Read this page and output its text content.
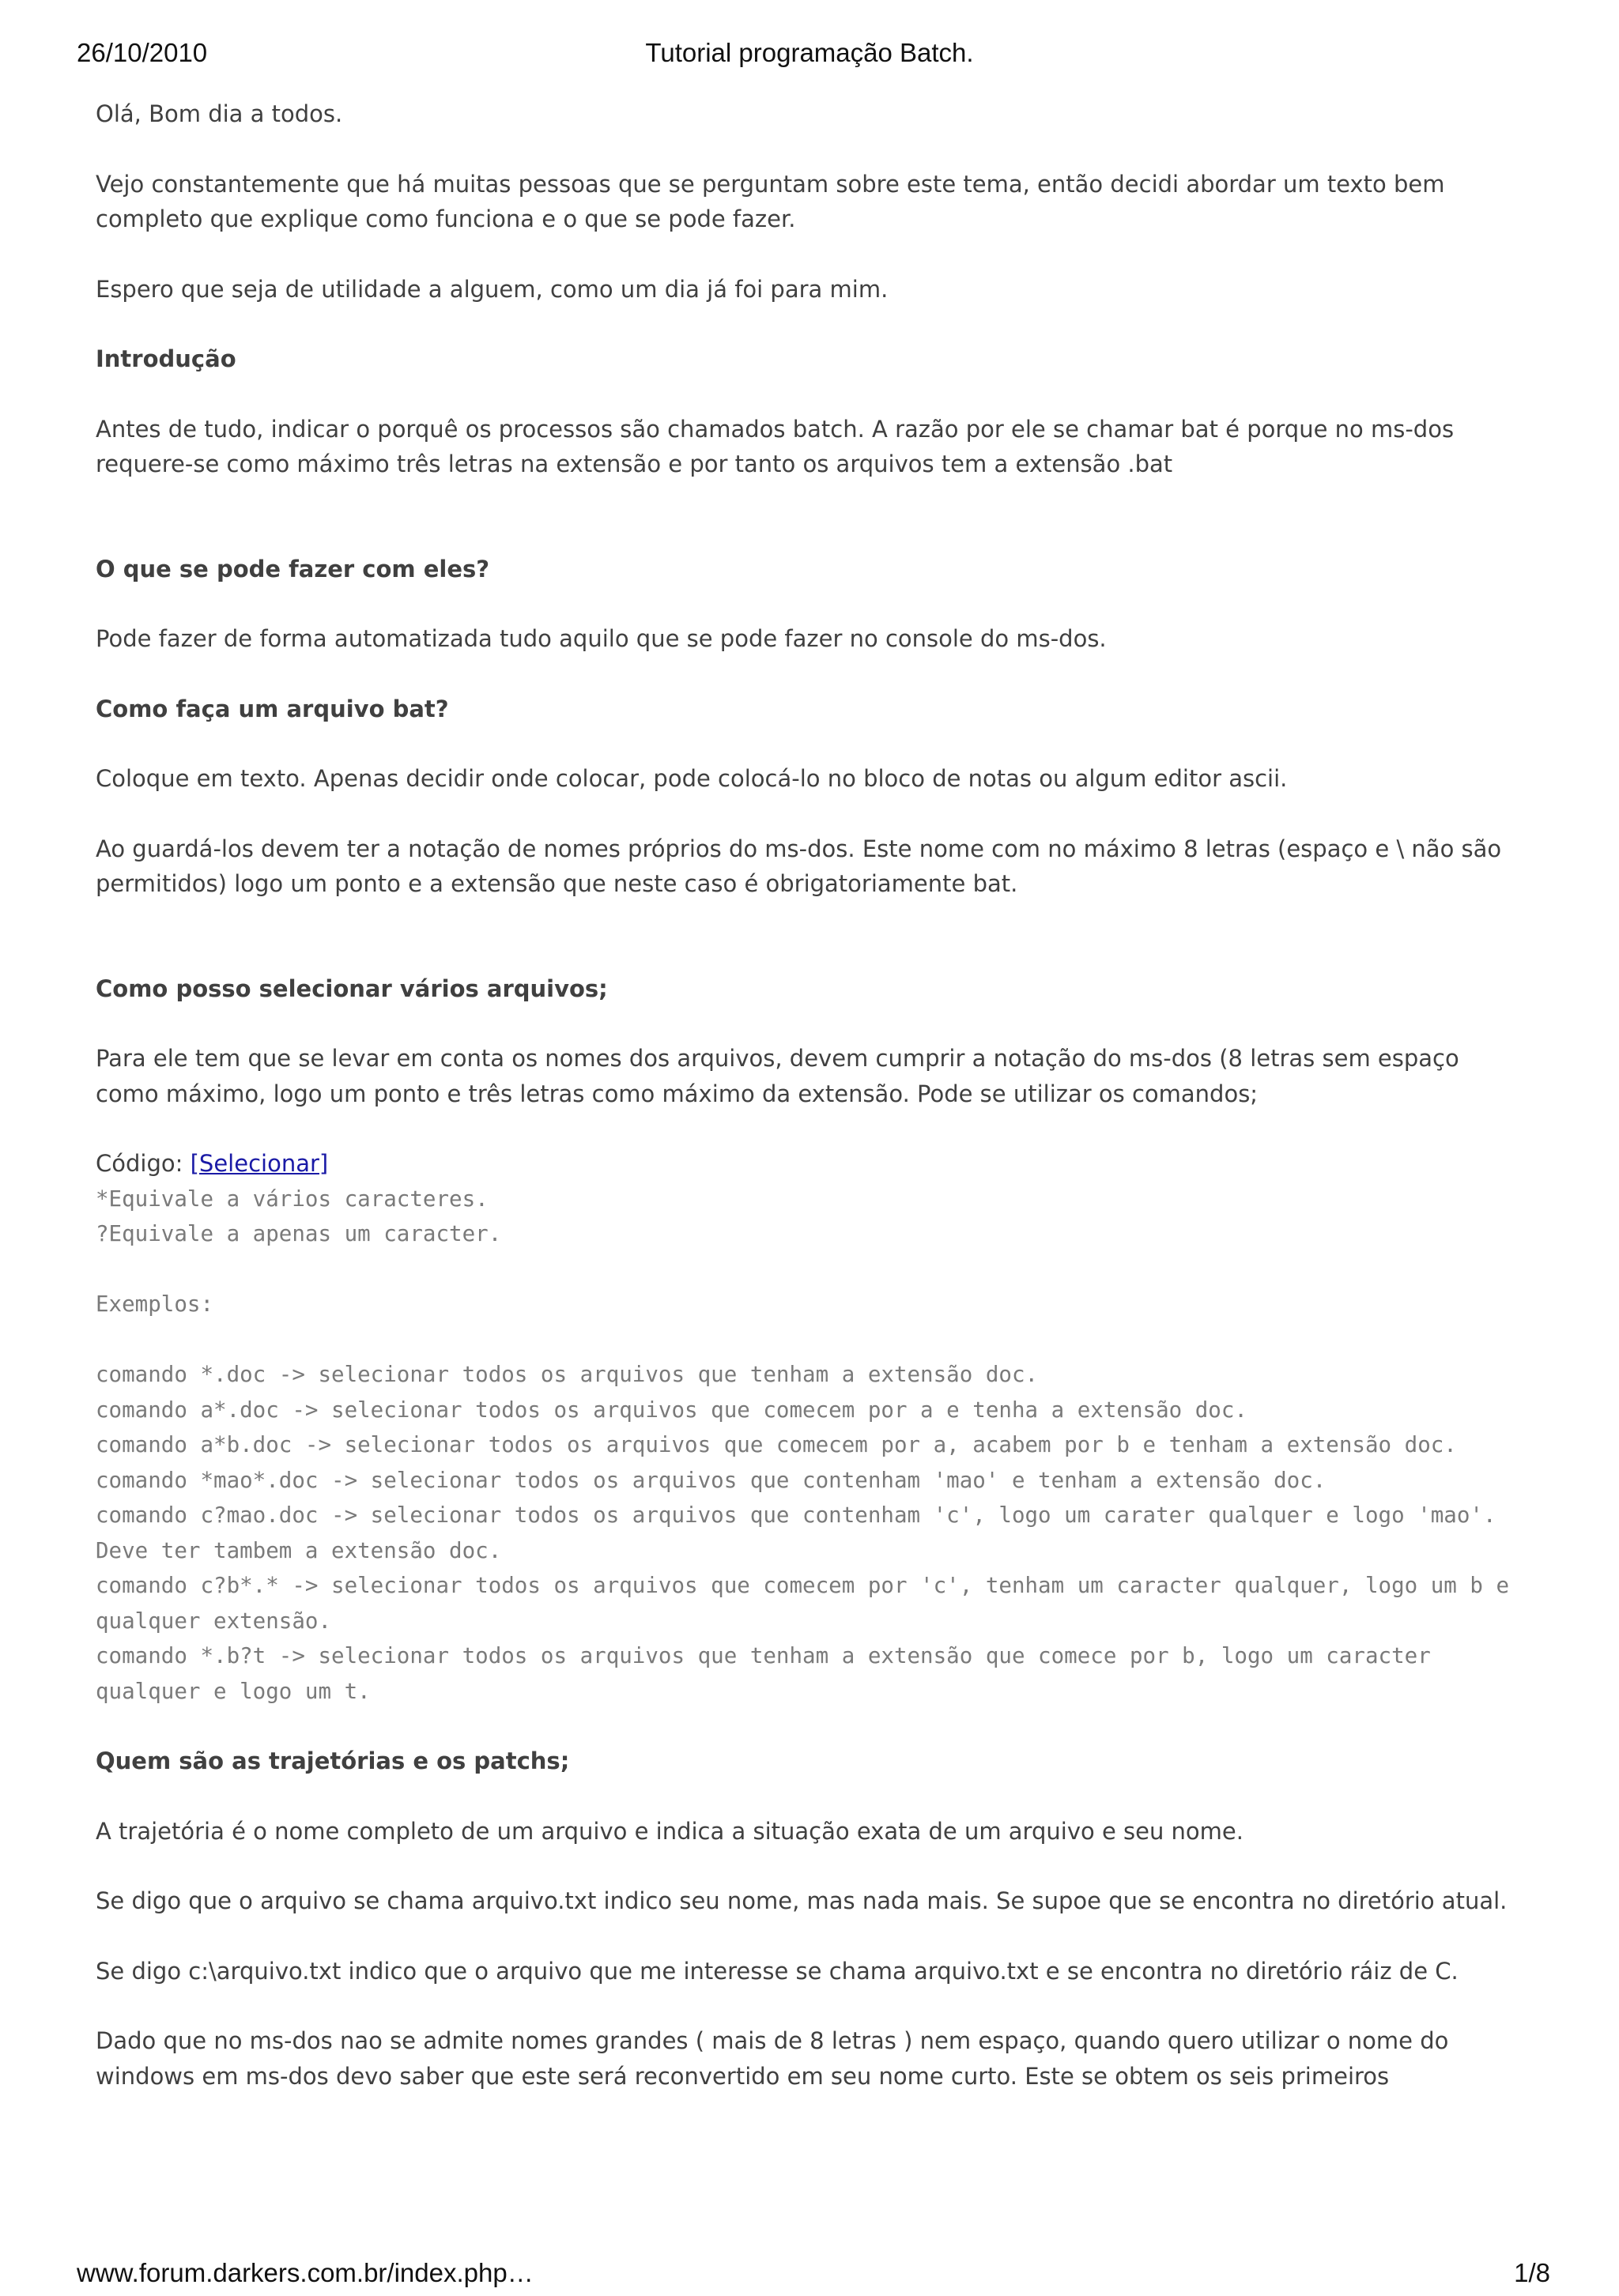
26/10/2010	Tutorial programação Batch.

Olá, Bom dia a todos.

Vejo constantemente que há muitas pessoas que se perguntam sobre este tema, então decidi abordar um texto bem completo que explique como funciona e o que se pode fazer.

Espero que seja de utilidade a alguem, como um dia já foi para mim.

Introdução

Antes de tudo, indicar o porquê os processos são chamados batch. A razão por ele se chamar bat é porque no ms-dos requere-se como máximo três letras na extensão e por tanto os arquivos tem a extensão .bat

O que se pode fazer com eles?

Pode fazer de forma automatizada tudo aquilo que se pode fazer no console do ms-dos.

Como faça um arquivo bat?

Coloque em texto. Apenas decidir onde colocar, pode colocá-lo no bloco de notas ou algum editor ascii.

Ao guardá-los devem ter a notação de nomes próprios do ms-dos. Este nome com no máximo 8 letras (espaço e \ não são permitidos) logo um ponto e a extensão que neste caso é obrigatoriamente bat.

Como posso selecionar vários arquivos;

Para ele tem que se levar em conta os nomes dos arquivos, devem cumprir a notação do ms-dos (8 letras sem espaço como máximo, logo um ponto e três letras como máximo da extensão. Pode se utilizar os comandos;

Código: [Selecionar]
*Equivale a vários caracteres.
?Equivale a apenas um caracter.
Exemplos:
comando *.doc -> selecionar todos os arquivos que tenham a extensão doc.
comando a*.doc -> selecionar todos os arquivos que comecem por a e tenha a extensão doc.
comando a*b.doc -> selecionar todos os arquivos que comecem por a, acabem por b e tenham a extensão doc.
comando *mao*.doc -> selecionar todos os arquivos que contenham 'mao' e tenham a extensão doc.
comando c?mao.doc -> selecionar todos os arquivos que contenham 'c', logo um carater qualquer e logo 'mao'. Deve ter tambem a extensão doc.
comando c?b*.* -> selecionar todos os arquivos que comecem por 'c', tenham um caracter qualquer, logo um b e qualquer extensão.
comando *.b?t -> selecionar todos os arquivos que tenham a extensão que comece por b, logo um caracter qualquer e logo um t.
Quem são as trajetórias e os patchs;

A trajetória é o nome completo de um arquivo e indica a situação exata de um arquivo e seu nome.

Se digo que o arquivo se chama arquivo.txt indico seu nome, mas nada mais. Se supoe que se encontra no diretório atual.

Se digo c:\arquivo.txt indico que o arquivo que me interesse se chama arquivo.txt e se encontra no diretório ráiz de C.

Dado que no ms-dos nao se admite nomes grandes ( mais de 8 letras ) nem espaço, quando quero utilizar o nome do windows em ms-dos devo saber que este será reconvertido em seu nome curto. Este se obtem os seis primeiros

www.forum.darkers.com.br/index.php…	1/8
